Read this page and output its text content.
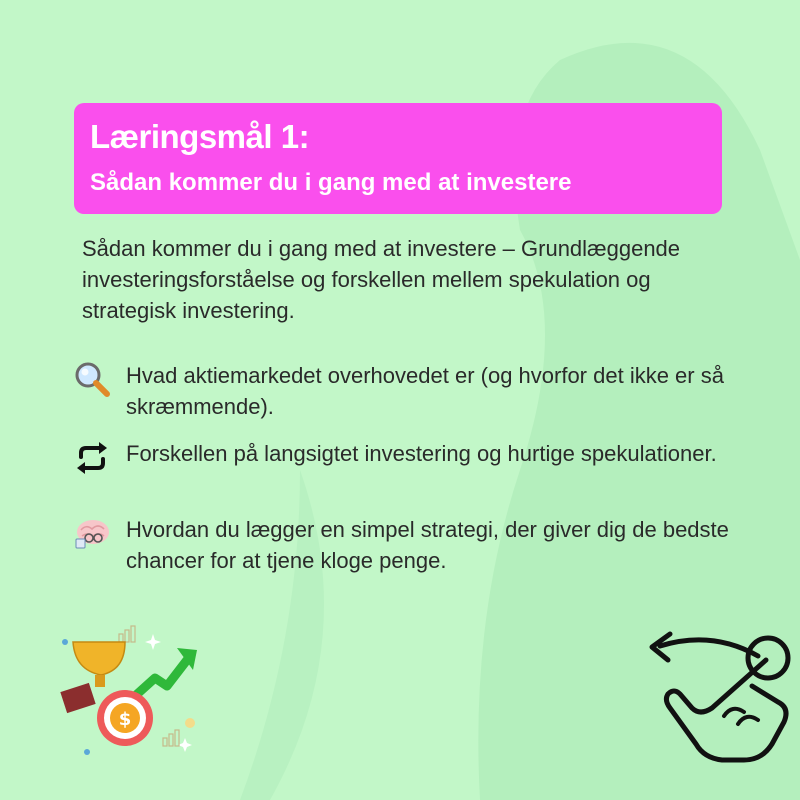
Læringsmål 1:
Sådan kommer du i gang med at investere
Sådan kommer du i gang med at investere – Grundlæggende investeringsforståelse og forskellen mellem spekulation og strategisk investering.
Hvad aktiemarkedet overhovedet er (og hvorfor det ikke er så skræmmende).
Forskellen på langsigtet investering og hurtige spekulationer.
Hvordan du lægger en simpel strategi, der giver dig de bedste chancer for at tjene kloge penge.
$
